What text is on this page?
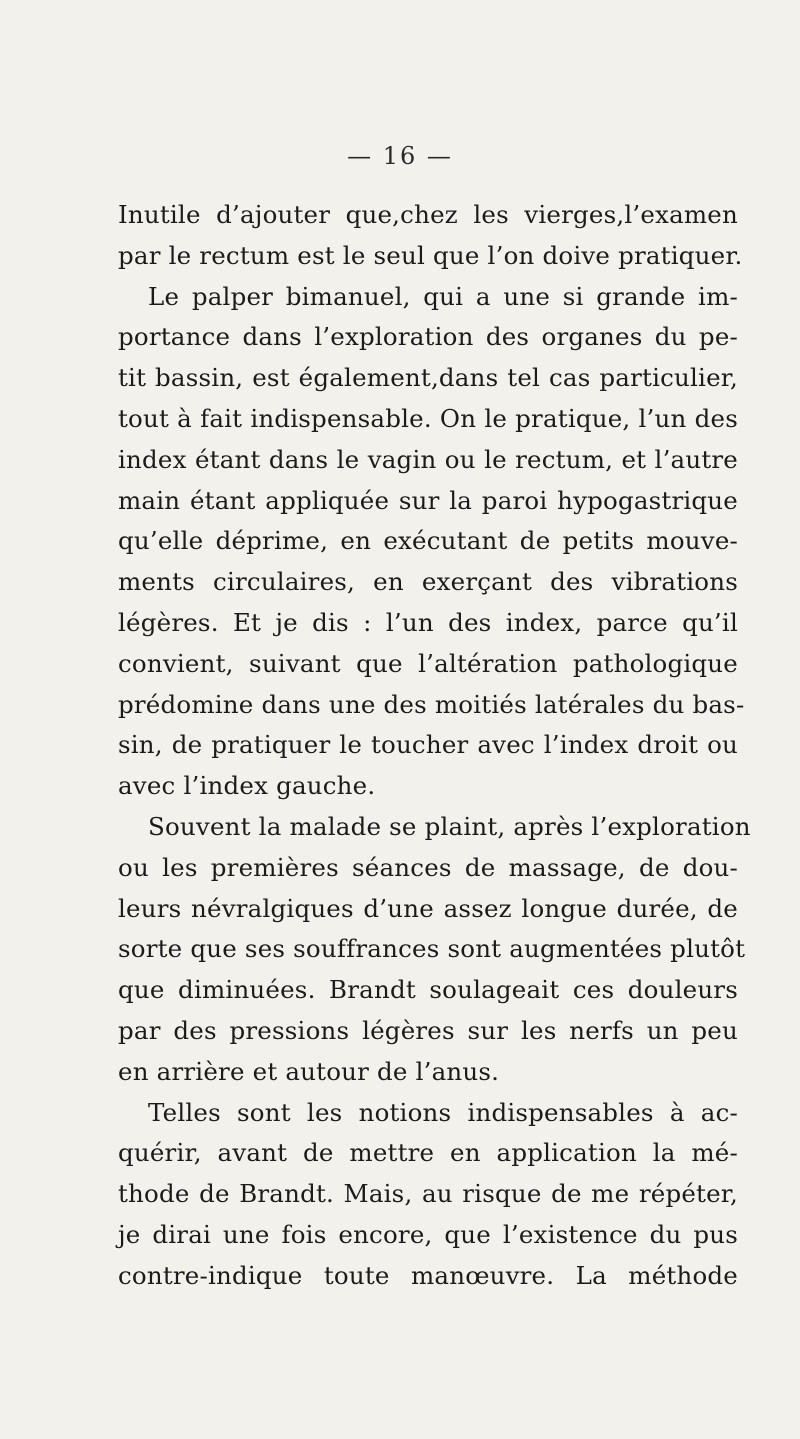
— 16 —
Inutile d’ajouter que,chez les vierges,l’examen
par le rectum est le seul que l’on doive pratiquer.
Le palper bimanuel, qui a une si grande im-
portance dans l’exploration des organes du pe-
tit bassin, est également,dans tel cas particulier,
tout à fait indispensable. On le pratique, l’un des
index étant dans le vagin ou le rectum, et l’autre
main étant appliquée sur la paroi hypogastrique
qu’elle déprime, en exécutant de petits mouve-
ments circulaires, en exerçant des vibrations
légères. Et je dis : l’un des index, parce qu’il
convient, suivant que l’altération pathologique
prédomine dans une des moitiés latérales du bas-
sin, de pratiquer le toucher avec l’index droit ou
avec l’index gauche.
Souvent la malade se plaint, après l’exploration
ou les premières séances de massage, de dou-
leurs névralgiques d’une assez longue durée, de
sorte que ses souffrances sont augmentées plutôt
que diminuées. Brandt soulageait ces douleurs
par des pressions légères sur les nerfs un peu
en arrière et autour de l’anus.
Telles sont les notions indispensables à ac-
quérir, avant de mettre en application la mé-
thode de Brandt. Mais, au risque de me répéter,
je dirai une fois encore, que l’existence du pus
contre-indique toute manœuvre. La méthode
